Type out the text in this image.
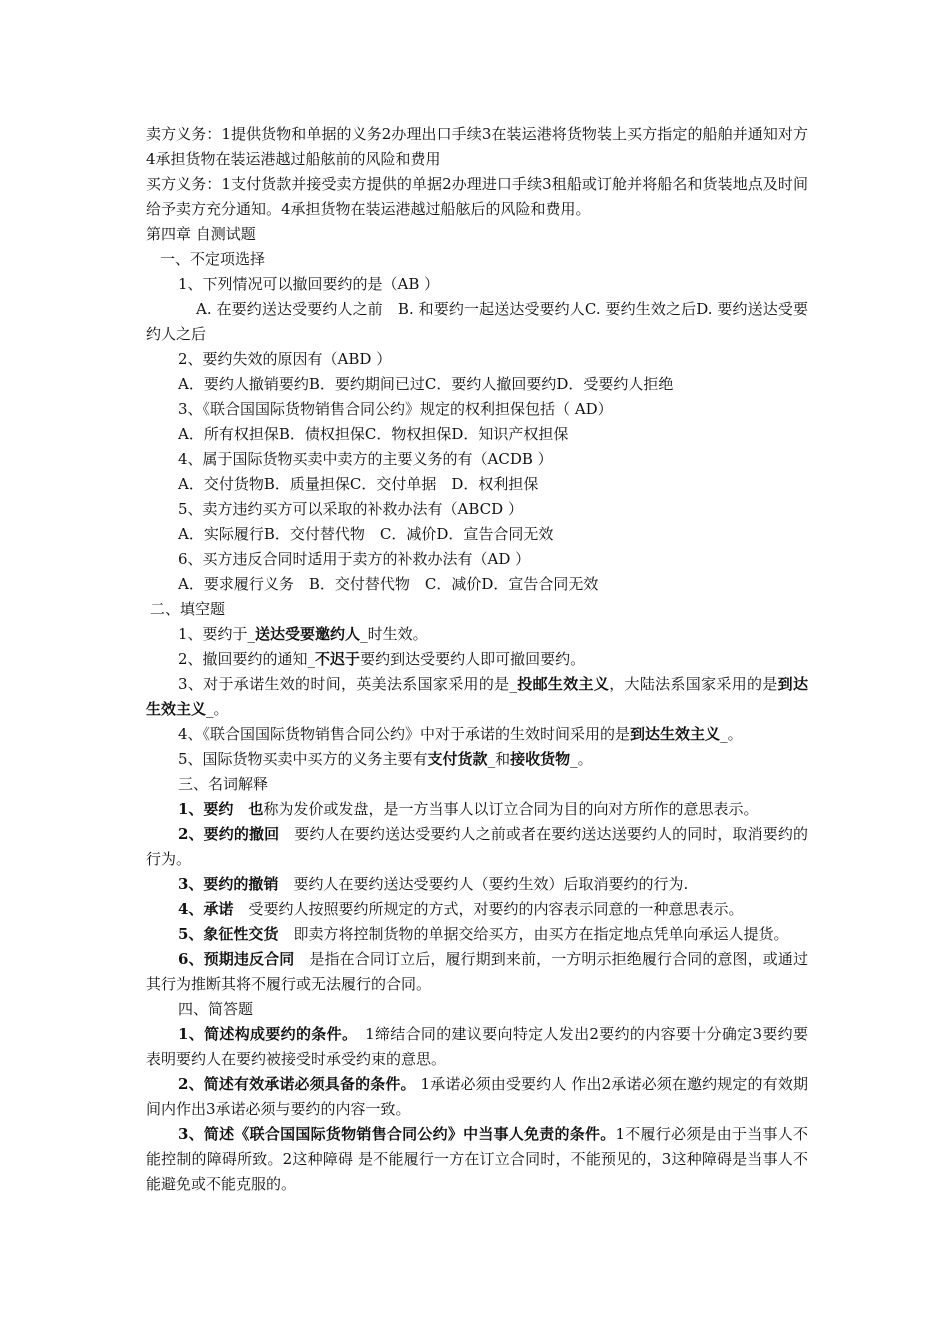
卖方义务：1提供货物和单据的义务2办理出口手续3在装运港将货物装上买方指定的船舶并通知对方4承担货物在装运港越过船舷前的风险和费用

买方义务：1支付货款并接受卖方提供的单据2办理进口手续3租船或订舱并将船名和货装地点及时间给予卖方充分通知。4承担货物在装运港越过船舷后的风险和费用。

第四章 自测试题

一、不定项选择

1、下列情况可以撤回要约的是（AB ）

A. 在要约送达受要约人之前　B. 和要约一起送达受要约人C. 要约生效之后D. 要约送达受要约人之后

2、要约失效的原因有（ABD ）

A．要约人撤销要约B．要约期间已过C．要约人撤回要约D．受要约人拒绝

3、《联合国国际货物销售合同公约》规定的权利担保包括（ AD）

A．所有权担保B．债权担保C．物权担保D．知识产权担保

4、属于国际货物买卖中卖方的主要义务的有（ACDB ）

A．交付货物B．质量担保C．交付单据　D．权利担保

5、卖方违约买方可以采取的补救办法有（ABCD ）

A．实际履行B．交付替代物　C．减价D．宣告合同无效

6、买方违反合同时适用于卖方的补救办法有（AD ）

A．要求履行义务　B．交付替代物　C．减价D．宣告合同无效

二、填空题

1、要约于_送达受要邀约人_时生效。

2、撤回要约的通知_不迟于要约到达受要约人即可撤回要约。

3、对于承诺生效的时间，英美法系国家采用的是_投邮生效主义，大陆法系国家采用的是到达生效主义_。

4、《联合国国际货物销售合同公约》中对于承诺的生效时间采用的是到达生效主义_。

5、国际货物买卖中买方的义务主要有支付货款_和接收货物_。

三、名词解释

1、要约　也称为发价或发盘，是一方当事人以订立合同为目的向对方所作的意思表示。

2、要约的撤回　要约人在要约送达受要约人之前或者在要约送达送要约人的同时，取消要约的行为。

3、要约的撤销　要约人在要约送达受要约人（要约生效）后取消要约的行为.

4、承诺　受要约人按照要约所规定的方式，对要约的内容表示同意的一种意思表示。

5、象征性交货　即卖方将控制货物的单据交给买方，由买方在指定地点凭单向承运人提货。

6、预期违反合同　是指在合同订立后，履行期到来前，一方明示拒绝履行合同的意图，或通过其行为推断其将不履行或无法履行的合同。

四、简答题

1、简述构成要约的条件。　1缔结合同的建议要向特定人发出2要约的内容要十分确定3要约要表明要约人在要约被接受时承受约束的意思。

2、简述有效承诺必须具备的条件。 1承诺必须由受要约人 作出2承诺必须在邀约规定的有效期间内作出3承诺必须与要约的内容一致。

3、简述《联合国国际货物销售合同公约》中当事人免责的条件。1不履行必须是由于当事人不能控制的障碍所致。2这种障碍 是不能履行一方在订立合同时，不能预见的，3这种障碍是当事人不能避免或不能克服的。
